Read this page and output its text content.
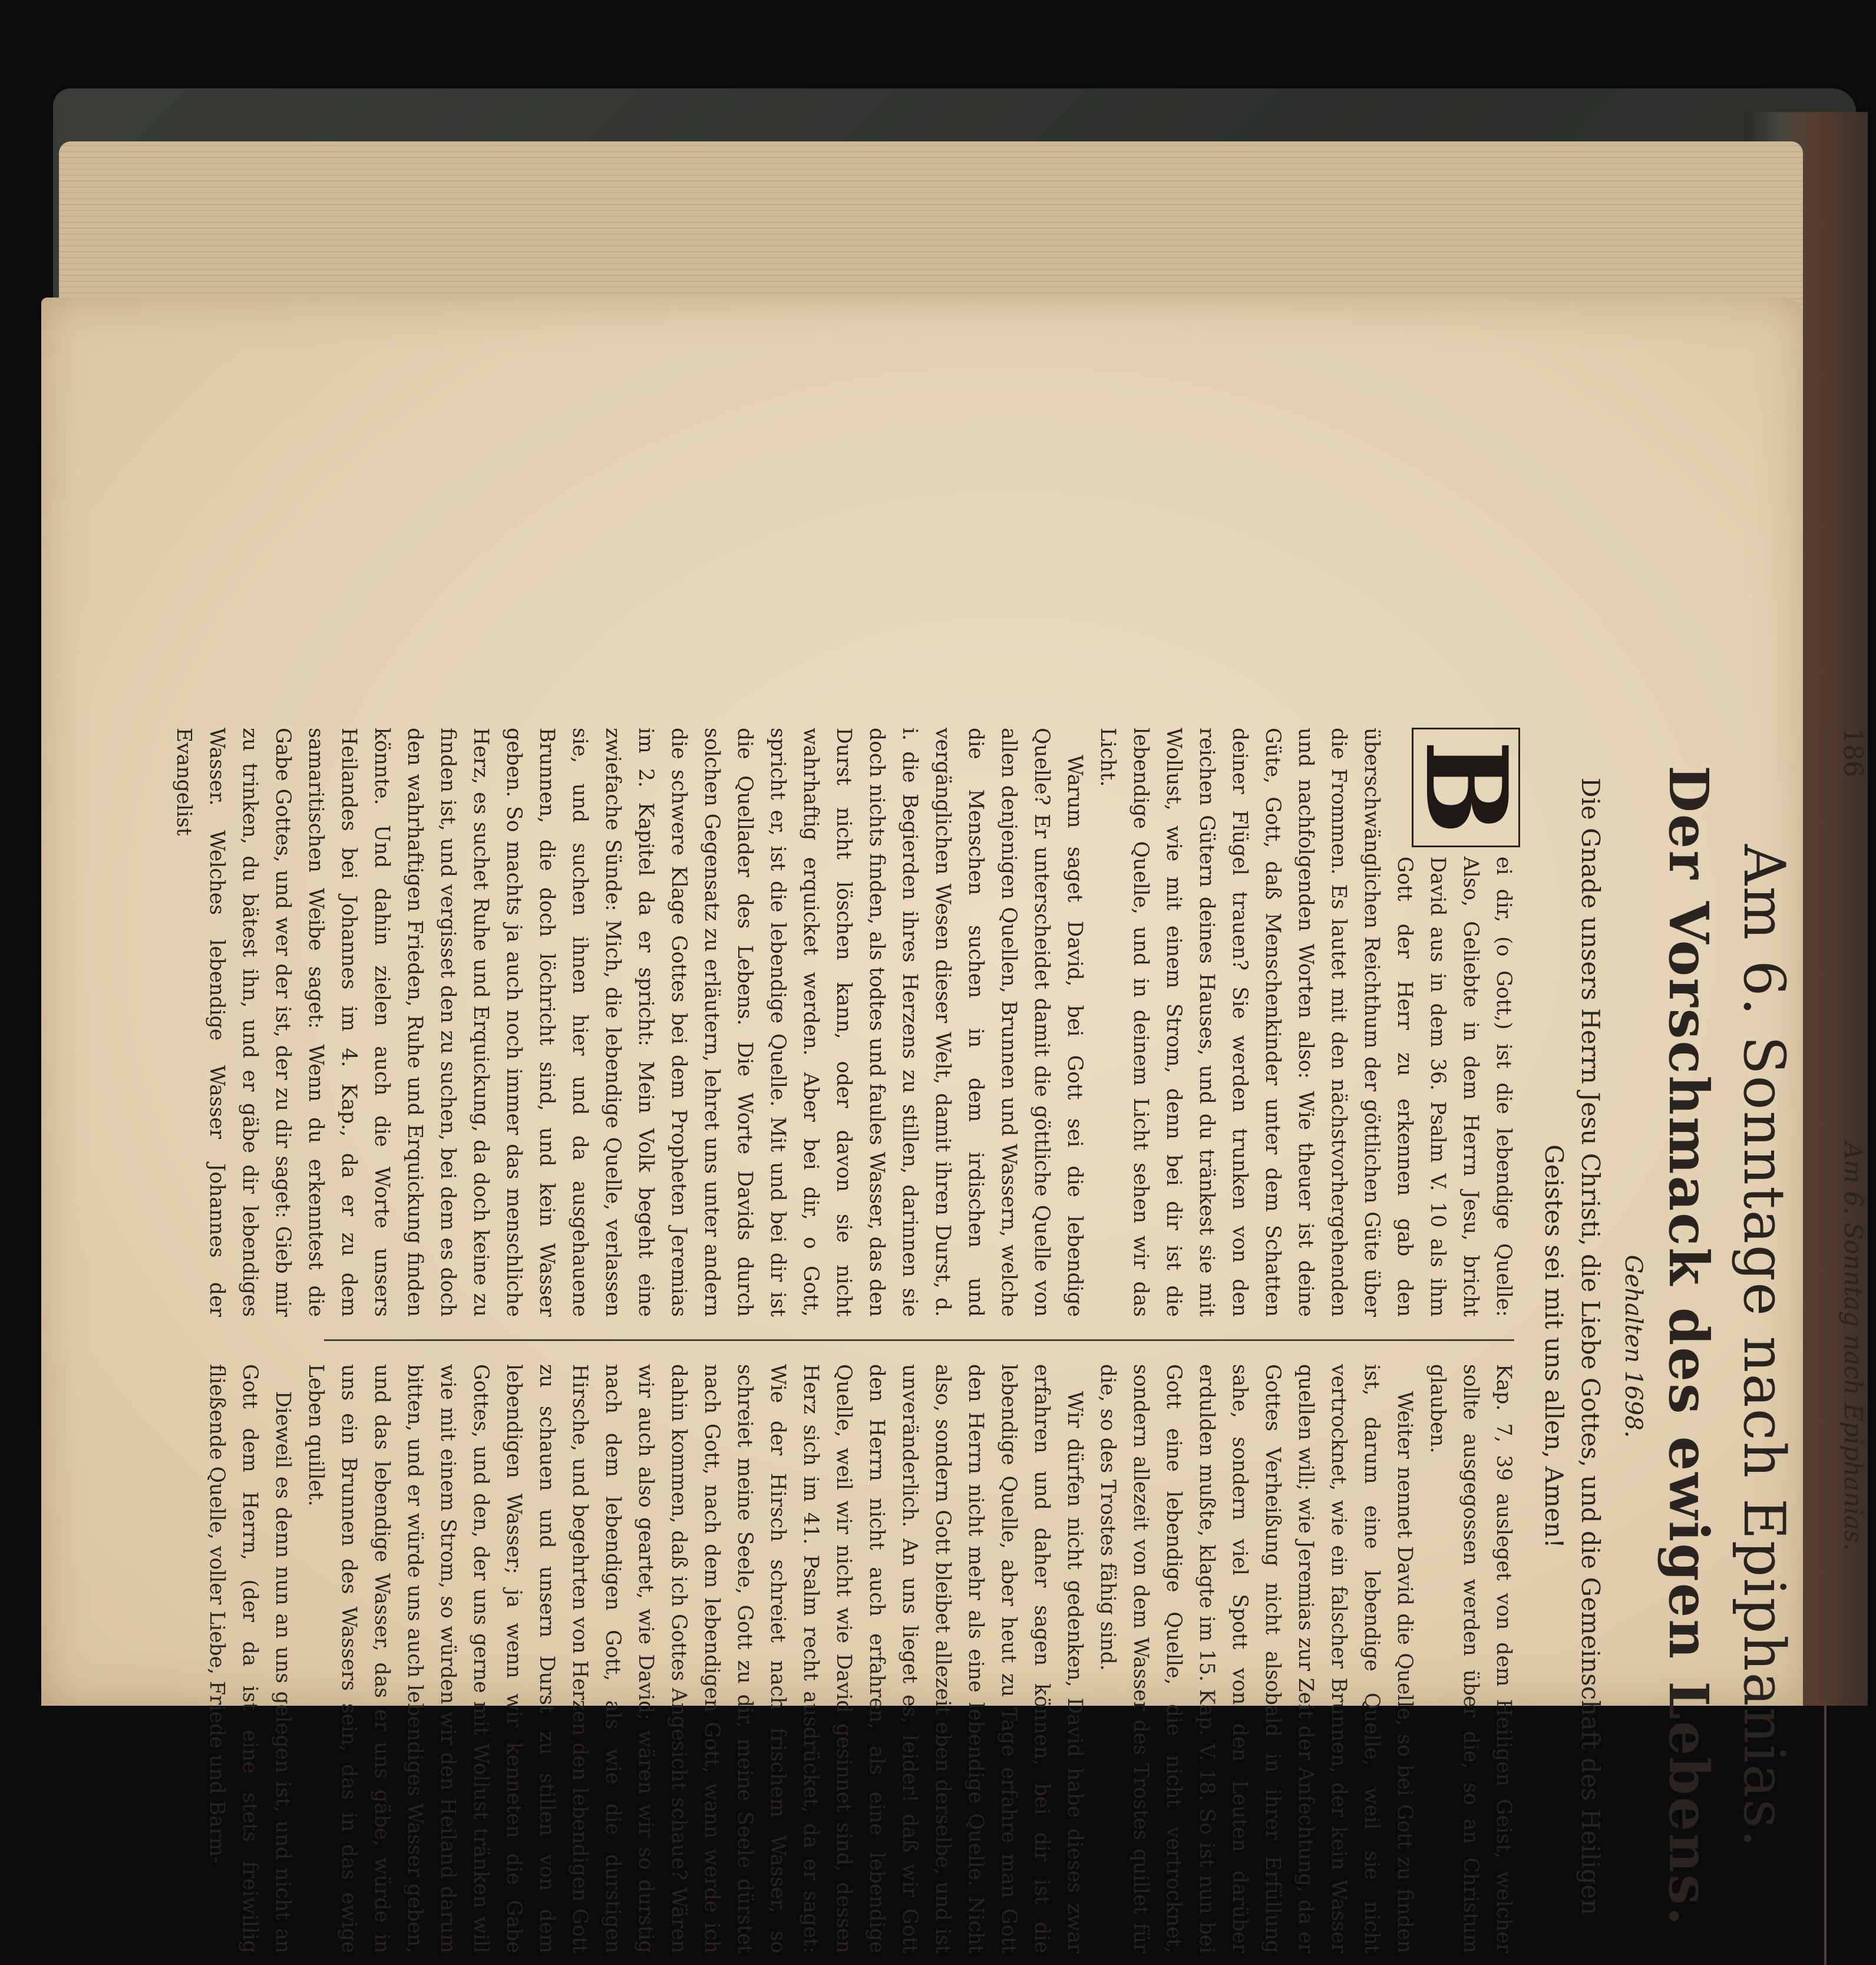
186
Am 6. Sonntag nach Epiphanias.
Am 6. Sonntage nach Epiphanias.
Der Vorschmack des ewigen Lebens.
Gehalten 1698.
Die Gnade unsers Herrn Jesu Christi, die Liebe Gottes, und die Gemeinschaft des Heiligen Geistes sei mit uns allen, Amen!

B
ei dir, (o Gott,) ist die lebendige Quelle: Also, Geliebte in dem Herrn Jesu, bricht David aus in dem 36. Psalm V. 10 als ihm Gott der Herr zu erkennen gab den überschwänglichen Reichthum der göttlichen Güte über die Frommen. Es lautet mit den nächstvorhergehenden und nachfolgenden Worten also: Wie theuer ist deine Güte, Gott, daß Menschenkinder unter dem Schatten deiner Flügel trauen? Sie werden trunken von den reichen Gütern deines Hauses, und du tränkest sie mit Wollust, wie mit einem Strom, denn bei dir ist die lebendige Quelle, und in deinem Licht sehen wir das Licht.

Warum saget David, bei Gott sei die lebendige Quelle? Er unterscheidet damit die göttliche Quelle von allen denjenigen Quellen, Brunnen und Wassern, welche die Menschen suchen in dem irdischen und vergänglichen Wesen dieser Welt, damit ihren Durst, d. i. die Begierden ihres Herzens zu stillen, darinnen sie doch nichts finden, als todtes und faules Wasser, das den Durst nicht löschen kann, oder davon sie nicht wahrhaftig erquicket werden. Aber bei dir, o Gott, spricht er, ist die lebendige Quelle. Mit und bei dir ist die Quellader des Lebens. Die Worte Davids durch solchen Gegensatz zu erläutern, lehret uns unter andern die schwere Klage Gottes bei dem Propheten Jeremias im 2. Kapitel da er spricht: Mein Volk begeht eine zwiefache Sünde: Mich, die lebendige Quelle, verlassen sie, und suchen ihnen hier und da ausgehauene Brunnen, die doch löchricht sind, und kein Wasser geben. So machts ja auch noch immer das menschliche Herz, es suchet Ruhe und Erquickung, da doch keine zu finden ist, und vergisset den zu suchen, bei dem es doch den wahrhaftigen Frieden, Ruhe und Erquickung finden könnte. Und dahin zielen auch die Worte unsers Heilandes bei Johannes im 4. Kap., da er zu dem samaritischen Weibe saget: Wenn du erkenntest die Gabe Gottes, und wer der ist, der zu dir saget: Gieb mir zu trinken, du bätest ihn, und er gäbe dir lebendiges Wasser. Welches lebendige Wasser Johannes der Evangelist

Kap. 7, 39 ausleget von dem Heiligen Geist, welcher sollte ausgegossen werden über die, so an Christum glauben.

Weiter nennet David die Quelle, so bei Gott zu finden ist, darum eine lebendige Quelle, weil sie nicht vertrocknet, wie ein falscher Brunnen, der kein Wasser quellen will; wie Jeremias zur Zeit der Anfechtung, da er Gottes Verheißung nicht alsobald in ihrer Erfüllung sahe, sondern viel Spott von den Leuten darüber erdulden mußte, klagte im 15. Kap. V. 18. So ist nun bei Gott eine lebendige Quelle, die nicht vertrocknet, sondern allezeit von dem Wasser des Trostes quillet für die, so des Trostes fähig sind.

Wir dürfen nicht gedenken, David habe dieses zwar erfahren und daher sagen können, bei dir ist die lebendige Quelle, aber heut zu Tage erfahre man Gott den Herrn nicht mehr als eine lebendige Quelle. Nicht also, sondern Gott bleibet allezeit eben derselbe, und ist unveränderlich. An uns lieget es, leider! daß wir Gott den Herrn nicht auch erfahren, als eine lebendige Quelle, weil wir nicht wie David gesinnet sind, dessen Herz sich im 41. Psalm recht ausdrücket, da er saget: Wie der Hirsch schreiet nach frischem Wasser, so schreiet meine Seele, Gott zu dir, meine Seele dürstet nach Gott, nach dem lebendigen Gott, wann werde ich dahin kommen, daß ich Gottes Angesicht schaue? Wären wir auch also geartet, wie David; wären wir so durstig nach dem lebendigen Gott, als wie die durstigen Hirsche, und begehrten von Herzen den lebendigen Gott zu schauen und unsern Durst zu stillen von dem lebendigen Wasser; ja wenn wir kenneten die Gabe Gottes, und den, der uns gerne mit Wollust tränken will wie mit einem Strom, so würden wir den Heiland darum bitten, und er würde uns auch lebendiges Wasser geben, und das lebendige Wasser, das er uns gäbe, würde in uns ein Brunnen des Wassers sein, das in das ewige Leben quillet.

Dieweil es denn nun an uns gelegen ist, und nicht an Gott dem Herrn, (der da ist eine stets freiwillig fließende Quelle, voller Liebe, Friede und Barm-
